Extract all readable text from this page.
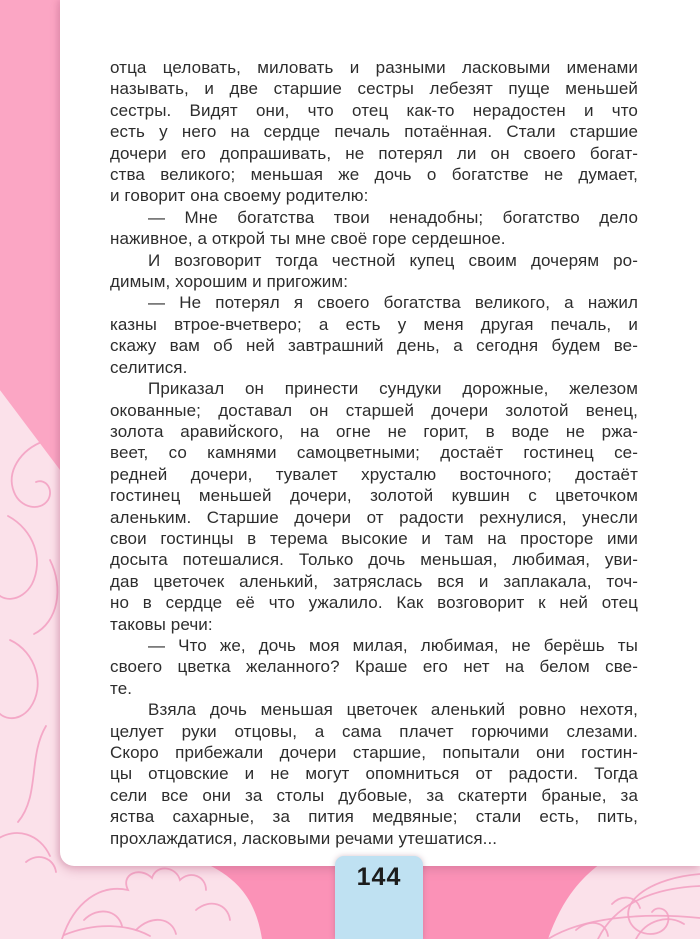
отца целовать, миловать и разными ласковыми именами
называть, и две старшие сестры лебезят пуще меньшей
сестры. Видят они, что отец как-то нерадостен и что
есть у него на сердце печаль потаённая. Стали старшие
дочери его допрашивать, не потерял ли он своего богат-
ства великого; меньшая же дочь о богатстве не думает,
и говорит она своему родителю:
— Мне богатства твои ненадобны; богатство дело
наживное, а открой ты мне своё горе сердешное.
И возговорит тогда честной купец своим дочерям ро-
димым, хорошим и пригожим:
— Не потерял я своего богатства великого, а нажил
казны втрое-вчетверо; а есть у меня другая печаль, и
скажу вам об ней завтрашний день, а сегодня будем ве-
селитися.
Приказал он принести сундуки дорожные, железом
окованные; доставал он старшей дочери золотой венец,
золота аравийского, на огне не горит, в воде не ржа-
веет, со камнями самоцветными; достаёт гостинец се-
редней дочери, тувалет хрусталю восточного; достаёт
гостинец меньшей дочери, золотой кувшин с цветочком
аленьким. Старшие дочери от радости рехнулися, унесли
свои гостинцы в терема высокие и там на просторе ими
досыта потешалися. Только дочь меньшая, любимая, уви-
дав цветочек аленький, затряслась вся и заплакала, точ-
но в сердце её что ужалило. Как возговорит к ней отец
таковы речи:
— Что же, дочь моя милая, любимая, не берёшь ты
своего цветка желанного? Краше его нет на белом све-
те.
Взяла дочь меньшая цветочек аленький ровно нехотя,
целует руки отцовы, а сама плачет горючими слезами.
Скоро прибежали дочери старшие, попытали они гостин-
цы отцовские и не могут опомниться от радости. Тогда
сели все они за столы дубовые, за скатерти браные, за
яства сахарные, за пития медвяные; стали есть, пить,
прохлаждатися, ласковыми речами утешатися...
144
